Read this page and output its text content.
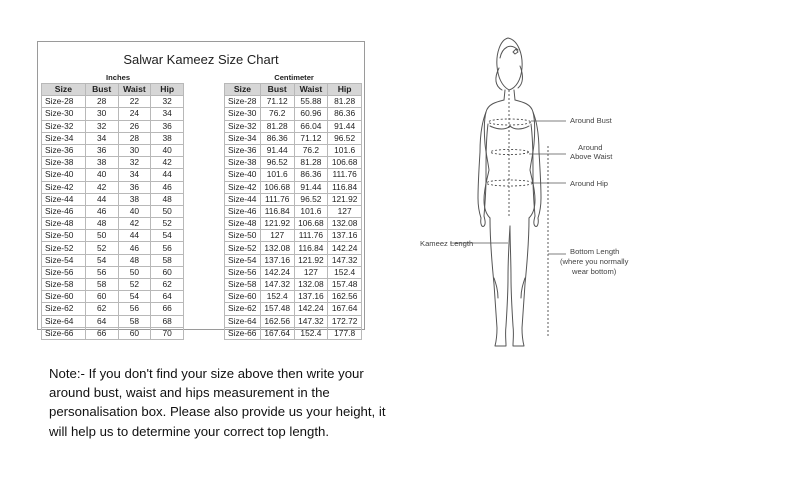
Salwar Kameez Size Chart
	Inches		
Size	Bust	Waist	Hip
Size-28	28	22	32
Size-30	30	24	34
Size-32	32	26	36
Size-34	34	28	38
Size-36	36	30	40
Size-38	38	32	42
Size-40	40	34	44
Size-42	42	36	46
Size-44	44	38	48
Size-46	46	40	50
Size-48	48	42	52
Size-50	50	44	54
Size-52	52	46	56
Size-54	54	48	58
Size-56	56	50	60
Size-58	58	52	62
Size-60	60	54	64
Size-62	62	56	66
Size-64	64	58	68
Size-66	66	60	70
	Centimeter		
Size	Bust	Waist	Hip
Size-28	71.12	55.88	81.28
Size-30	76.2	60.96	86.36
Size-32	81.28	66.04	91.44
Size-34	86.36	71.12	96.52
Size-36	91.44	76.2	101.6
Size-38	96.52	81.28	106.68
Size-40	101.6	86.36	111.76
Size-42	106.68	91.44	116.84
Size-44	111.76	96.52	121.92
Size-46	116.84	101.6	127
Size-48	121.92	106.68	132.08
Size-50	127	111.76	137.16
Size-52	132.08	116.84	142.24
Size-54	137.16	121.92	147.32
Size-56	142.24	127	152.4
Size-58	147.32	132.08	157.48
Size-60	152.4	137.16	162.56
Size-62	157.48	142.24	167.64
Size-64	162.56	147.32	172.72
Size-66	167.64	152.4	177.8
Note:- If you don't find your size above then write your
around bust, waist and hips measurement in the
personalisation box. Please also provide us your height, it
will help us to determine your correct top length.
Around Bust
Around
Above Waist
Around Hip
Kameez Length
Bottom Length
(where you normally
wear bottom)
